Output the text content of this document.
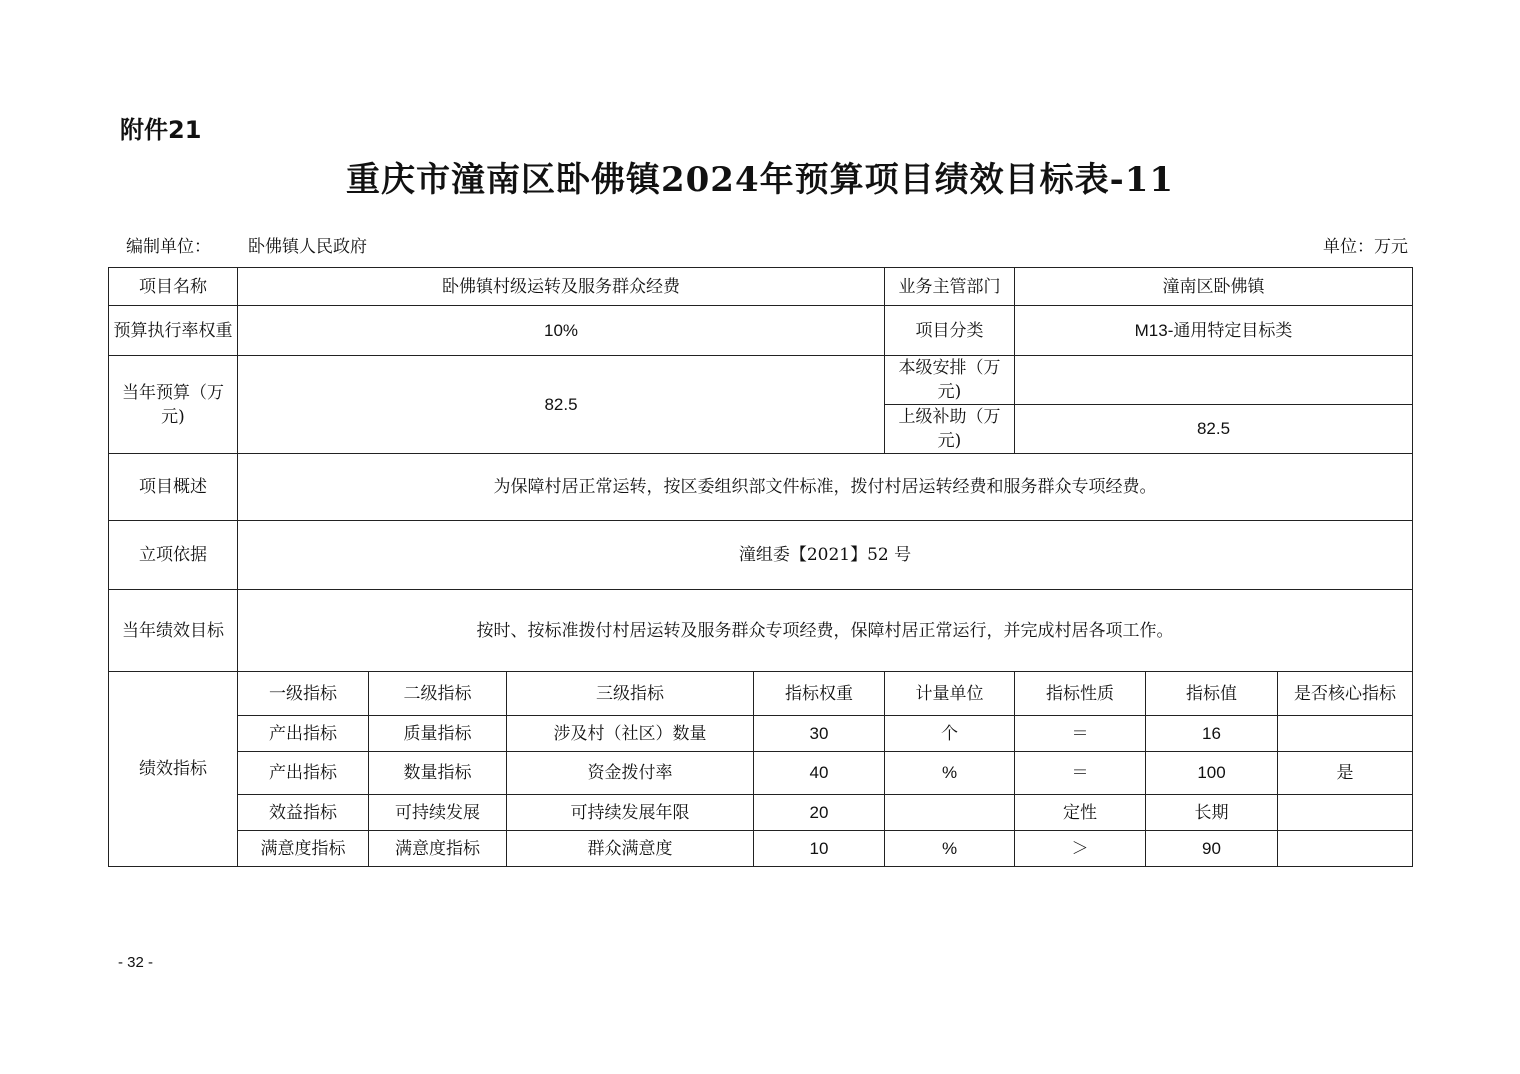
附件21
重庆市潼南区卧佛镇2024年预算项目绩效目标表-11
编制单位： 卧佛镇人民政府	单位：万元
项目名称	卧佛镇村级运转及服务群众经费				业务主管部门	潼南区卧佛镇		
预算执行率权重	10%				项目分类	M13-通用特定目标类		
当年预算（万元)	82.5				本级安排（万元)			
					上级补助（万元)	82.5		
项目概述	为保障村居正常运转，按区委组织部文件标准，拨付村居运转经费和服务群众专项经费。							
立项依据	潼组委【2021】52 号							
当年绩效目标	按时、按标准拨付村居运转及服务群众专项经费，保障村居正常运行，并完成村居各项工作。							
绩效指标	一级指标	二级指标	三级指标	指标权重	计量单位	指标性质	指标值	是否核心指标
	产出指标	质量指标	涉及村（社区）数量	30	个	＝	16	
	产出指标	数量指标	资金拨付率	40	%	＝	100	是
	效益指标	可持续发展	可持续发展年限	20		定性	长期	
	满意度指标	满意度指标	群众满意度	10	%	＞	90	
- 32 -
